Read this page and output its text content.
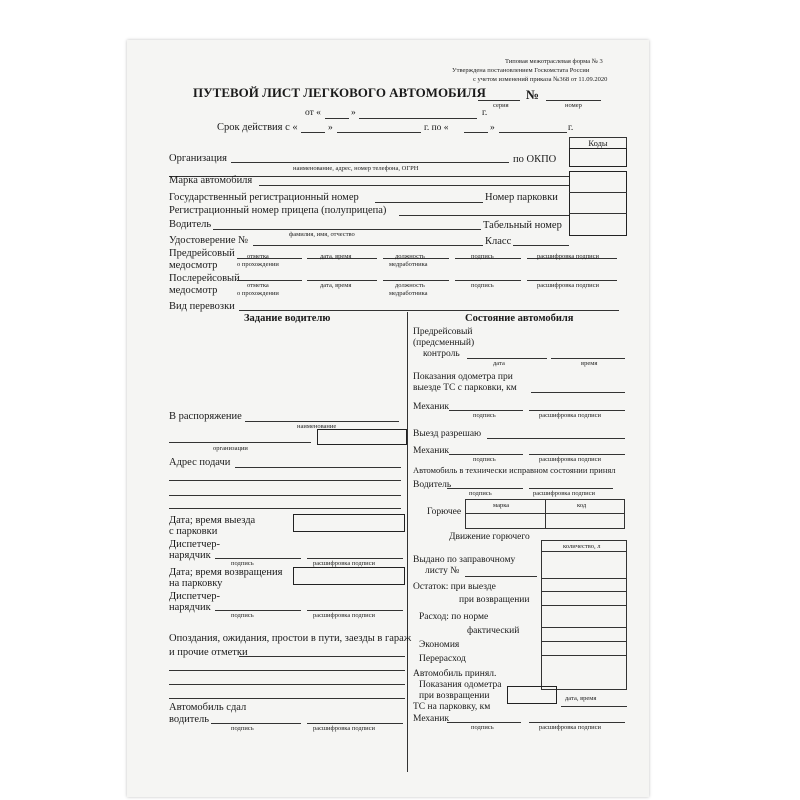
Типовая межотраслевая форма № 3
Утверждена постановлением Госкомстата России
с учетом изменений приказа №368 от 11.09.2020
ПУТЕВОЙ ЛИСТ ЛЕГКОВОГО АВТОМОБИЛЯ	№
серия	номер
от «	»	г.
Срок действия с «	»	г. по «	»	г.
Коды
Организация	по ОКПО
наименование, адрес, номер телефона, ОГРН
Марка автомобиля
Государственный регистрационный номер	Номер парковки
Регистрационный номер прицепа (полуприцепа)
Водитель	Табельный номер
фамилия, имя, отчество
Удостоверение №	Класс
Предрейсовый
медосмотр
отметка
о прохождении
дата, время	должность
медработника
подпись	расшифровка подписи
Послерейсовый
медосмотр	отметка
о прохождении
дата, время	должность
медработника
подпись	расшифровка подписи
Вид перевозки
Задание водителю
В распоряжение
наименование
организации
Адрес подачи
Дата; время выезда
с парковки
Диспетчер-
нарядчик
подпись	расшифровка подписи
Дата; время возвращения
на парковку
Диспетчер-
нарядчик
подпись	расшифровка подписи
Опоздания, ожидания, простои в пути, заезды в гараж
и прочие отметки
Автомобиль сдал
водитель
подпись	расшифровка подписи
Состояние автомобиля
Предрейсовый
(предсменный)
контроль
дата	время
Показания одометра при
выезде ТС с парковки, км
Механик
подпись	расшифровка подписи
Выезд разрешаю
Механик
подпись	расшифровка подписи
Автомобиль в технически исправном состоянии принял
Водитель
подпись	расшифровка подписи
Горючее
марка	код
Движение горючего
количество, л
Выдано по заправочному
листу №
Остаток: при выезде
при возвращении
Расход: по норме
фактический
Экономия
Перерасход
Автомобиль принял.
Показания одометра
при возвращении
ТС на парковку, км
дата, время
Механик
подпись	расшифровка подписи
